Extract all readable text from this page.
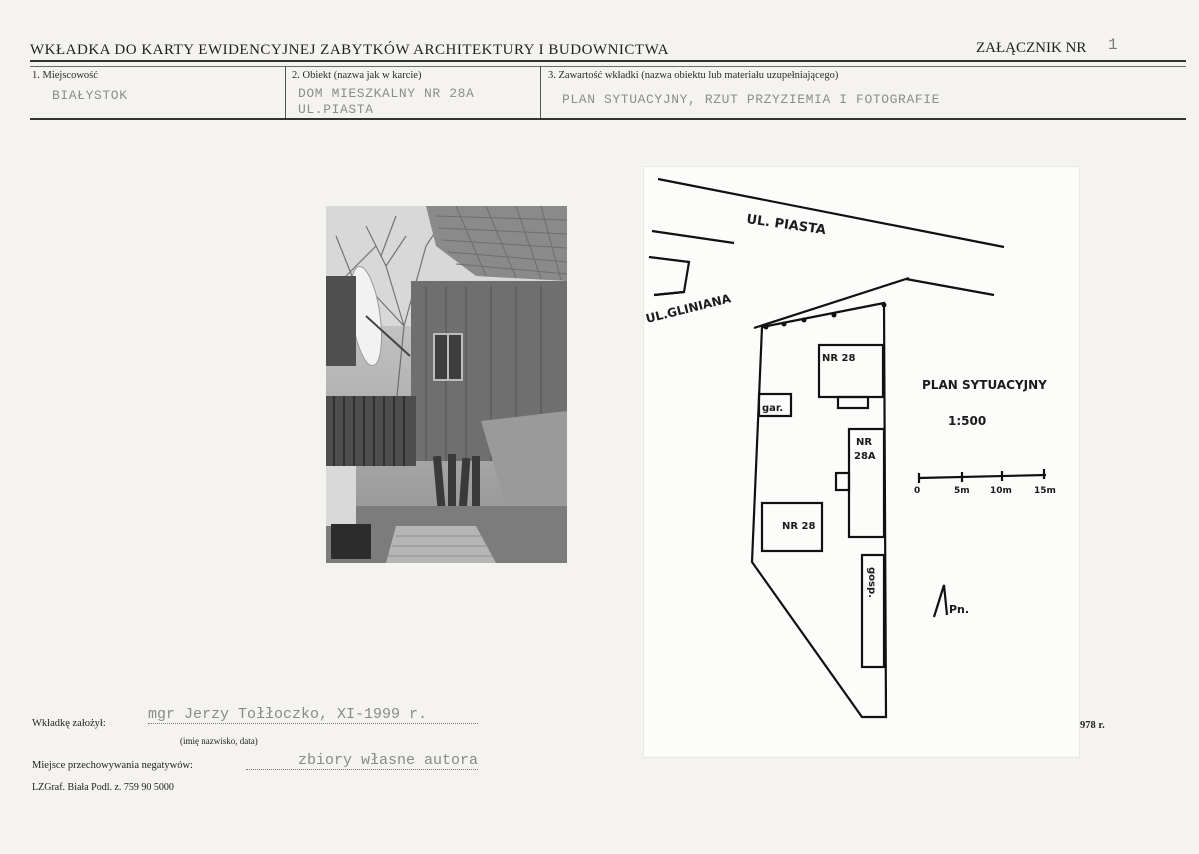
WKŁADKA DO KARTY EWIDENCYJNEJ ZABYTKÓW ARCHITEKTURY I BUDOWNICTWA	ZAŁĄCZNIK NR 1
1. Miejscowość
BIAŁYSTOK
2. Obiekt (nazwa jak w karcie)
DOM MIESZKALNY NR 28A
UL.PIASTA
3. Zawartość wkładki (nazwa obiektu lub materiału uzupełniającego)
PLAN SYTUACYJNY, RZUT PRZYZIEMIA I FOTOGRAFIE
UL. PIASTA
UL.GLINIANA
NR 28
gar.
NR
28A
NR 28
gosp.
PLAN SYTUACYJNY
1:500
0	5m 10m 15m
Pn.
Wkładkę założył:
mgr Jerzy Tołłoczko, XI-1999 r.
(imię nazwisko, data)
Miejsce przechowywania negatywów:	zbiory własne autora
LZGraf. Biała Podl. z. 759 90 5000
978 r.
